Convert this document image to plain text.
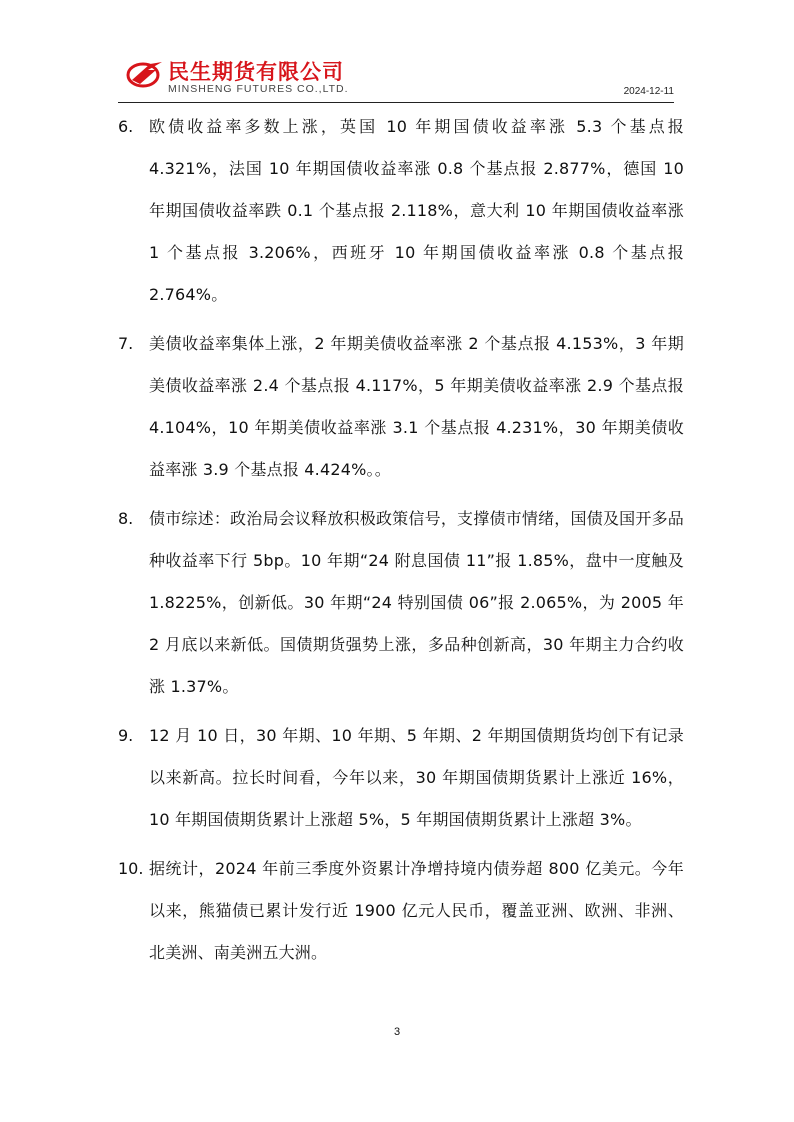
民生期货有限公司
MINSHENG FUTURES CO.,LTD.	2024-12-11
6. 欧债收益率多数上涨，英国 10 年期国债收益率涨 5.3 个基点报 4.321%，法国 10 年期国债收益率涨 0.8 个基点报 2.877%，德国 10 年期国债收益率跌 0.1 个基点报 2.118%，意大利 10 年期国债收益率涨 1 个基点报 3.206%，西班牙 10 年期国债收益率涨 0.8 个基点报 2.764%。
7. 美债收益率集体上涨，2 年期美债收益率涨 2 个基点报 4.153%，3 年期美债收益率涨 2.4 个基点报 4.117%，5 年期美债收益率涨 2.9 个基点报 4.104%，10 年期美债收益率涨 3.1 个基点报 4.231%，30 年期美债收益率涨 3.9 个基点报 4.424%。。
8. 债市综述：政治局会议释放积极政策信号，支撑债市情绪，国债及国开多品种收益率下行 5bp。10 年期“24 附息国债 11”报 1.85%，盘中一度触及 1.8225%，创新低。30 年期“24 特别国债 06”报 2.065%，为 2005 年 2 月底以来新低。国债期货强势上涨，多品种创新高，30 年期主力合约收涨 1.37%。
9. 12 月 10 日，30 年期、10 年期、5 年期、2 年期国债期货均创下有记录以来新高。拉长时间看，今年以来，30 年期国债期货累计上涨近 16%，10 年期国债期货累计上涨超 5%，5 年期国债期货累计上涨超 3%。
10. 据统计，2024 年前三季度外资累计净增持境内债券超 800 亿美元。今年以来，熊猫债已累计发行近 1900 亿元人民币，覆盖亚洲、欧洲、非洲、北美洲、南美洲五大洲。
3
